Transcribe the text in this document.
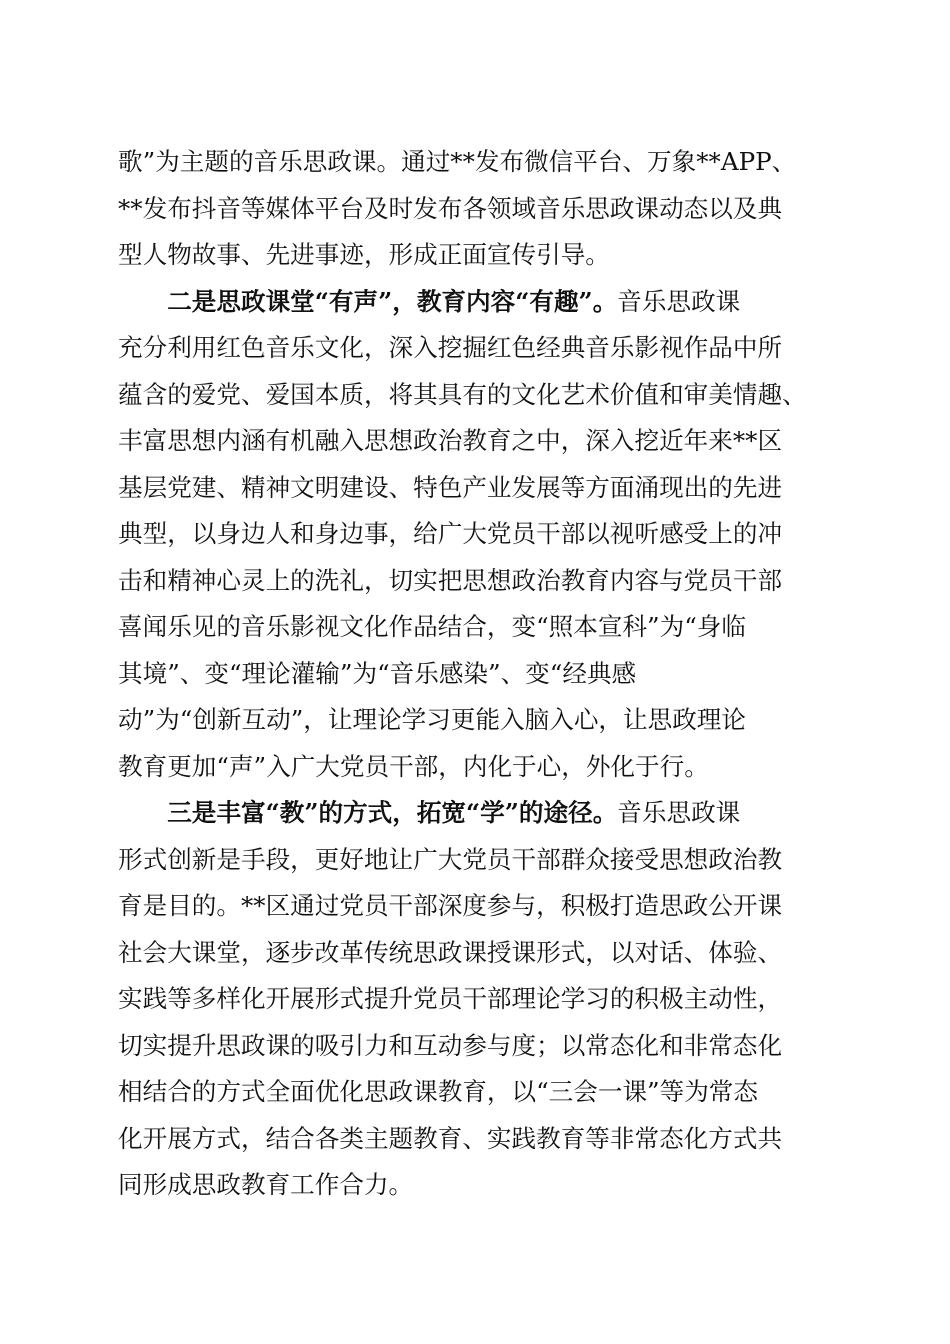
歌”为主题的音乐思政课。通过**发布微信平台、万象**APP、
**发布抖音等媒体平台及时发布各领域音乐思政课动态以及典
型人物故事、先进事迹，形成正面宣传引导。
　　二是思政课堂“有声”，教育内容“有趣”。音乐思政课
充分利用红色音乐文化，深入挖掘红色经典音乐影视作品中所
蕴含的爱党、爱国本质，将其具有的文化艺术价值和审美情趣、
丰富思想内涵有机融入思想政治教育之中，深入挖近年来**区
基层党建、精神文明建设、特色产业发展等方面涌现出的先进
典型，以身边人和身边事，给广大党员干部以视听感受上的冲
击和精神心灵上的洗礼，切实把思想政治教育内容与党员干部
喜闻乐见的音乐影视文化作品结合，变“照本宣科”为“身临
其境”、变“理论灌输”为“音乐感染”、变“经典感
动”为“创新互动”，让理论学习更能入脑入心，让思政理论
教育更加“声”入广大党员干部，内化于心，外化于行。
　　三是丰富“教”的方式，拓宽“学”的途径。音乐思政课
形式创新是手段，更好地让广大党员干部群众接受思想政治教
育是目的。**区通过党员干部深度参与，积极打造思政公开课
社会大课堂，逐步改革传统思政课授课形式，以对话、体验、
实践等多样化开展形式提升党员干部理论学习的积极主动性，
切实提升思政课的吸引力和互动参与度；以常态化和非常态化
相结合的方式全面优化思政课教育，以“三会一课”等为常态
化开展方式，结合各类主题教育、实践教育等非常态化方式共
同形成思政教育工作合力。
